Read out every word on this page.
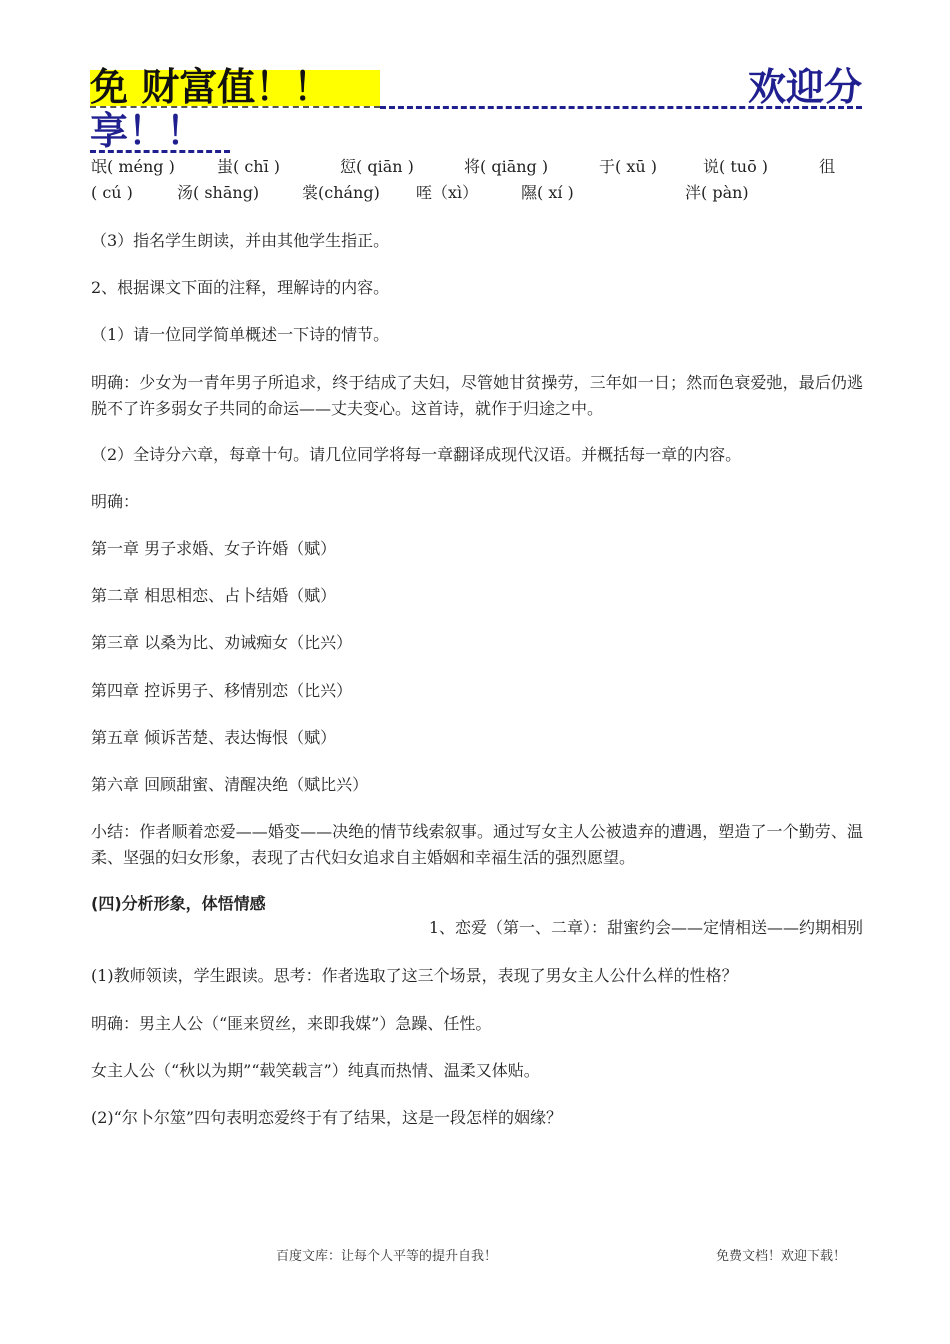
免 财富值！！	欢迎分
享！！
氓( méng )	蚩( chī )	愆( qiān )	将( qiāng )	于( xū )	说( tuō )	徂
( cú )	汤( shāng)	裳(cháng) 咥（xì）	隰( xí )	泮( pàn)
（3）指名学生朗读，并由其他学生指正。
2、根据课文下面的注释，理解诗的内容。
（1）请一位同学简单概述一下诗的情节。
明确：少女为一青年男子所追求，终于结成了夫妇，尽管她甘贫操劳，三年如一日；然而色衰爱弛，最后仍逃脱不了许多弱女子共同的命运——丈夫变心。这首诗，就作于归途之中。
（2）全诗分六章，每章十句。请几位同学将每一章翻译成现代汉语。并概括每一章的内容。
明确：
第一章 男子求婚、女子许婚（赋）
第二章 相思相恋、占卜结婚（赋）
第三章 以桑为比、劝诫痴女（比兴）
第四章 控诉男子、移情别恋（比兴）
第五章 倾诉苦楚、表达悔恨（赋）
第六章 回顾甜蜜、清醒决绝（赋比兴）
小结：作者顺着恋爱——婚变——决绝的情节线索叙事。通过写女主人公被遗弃的遭遇，塑造了一个勤劳、温柔、坚强的妇女形象，表现了古代妇女追求自主婚姻和幸福生活的强烈愿望。
(四)分析形象，体悟情感
1、恋爱（第一、二章）：甜蜜约会——定情相送——约期相别
(1)教师领读，学生跟读。思考：作者选取了这三个场景，表现了男女主人公什么样的性格？
明确：男主人公（“匪来贸丝，来即我媒”）急躁、任性。
女主人公（“秋以为期”“载笑载言”）纯真而热情、温柔又体贴。
(2)“尔卜尔筮”四句表明恋爱终于有了结果，这是一段怎样的姻缘？
百度文库：让每个人平等的提升自我！	免费文档！欢迎下载！
